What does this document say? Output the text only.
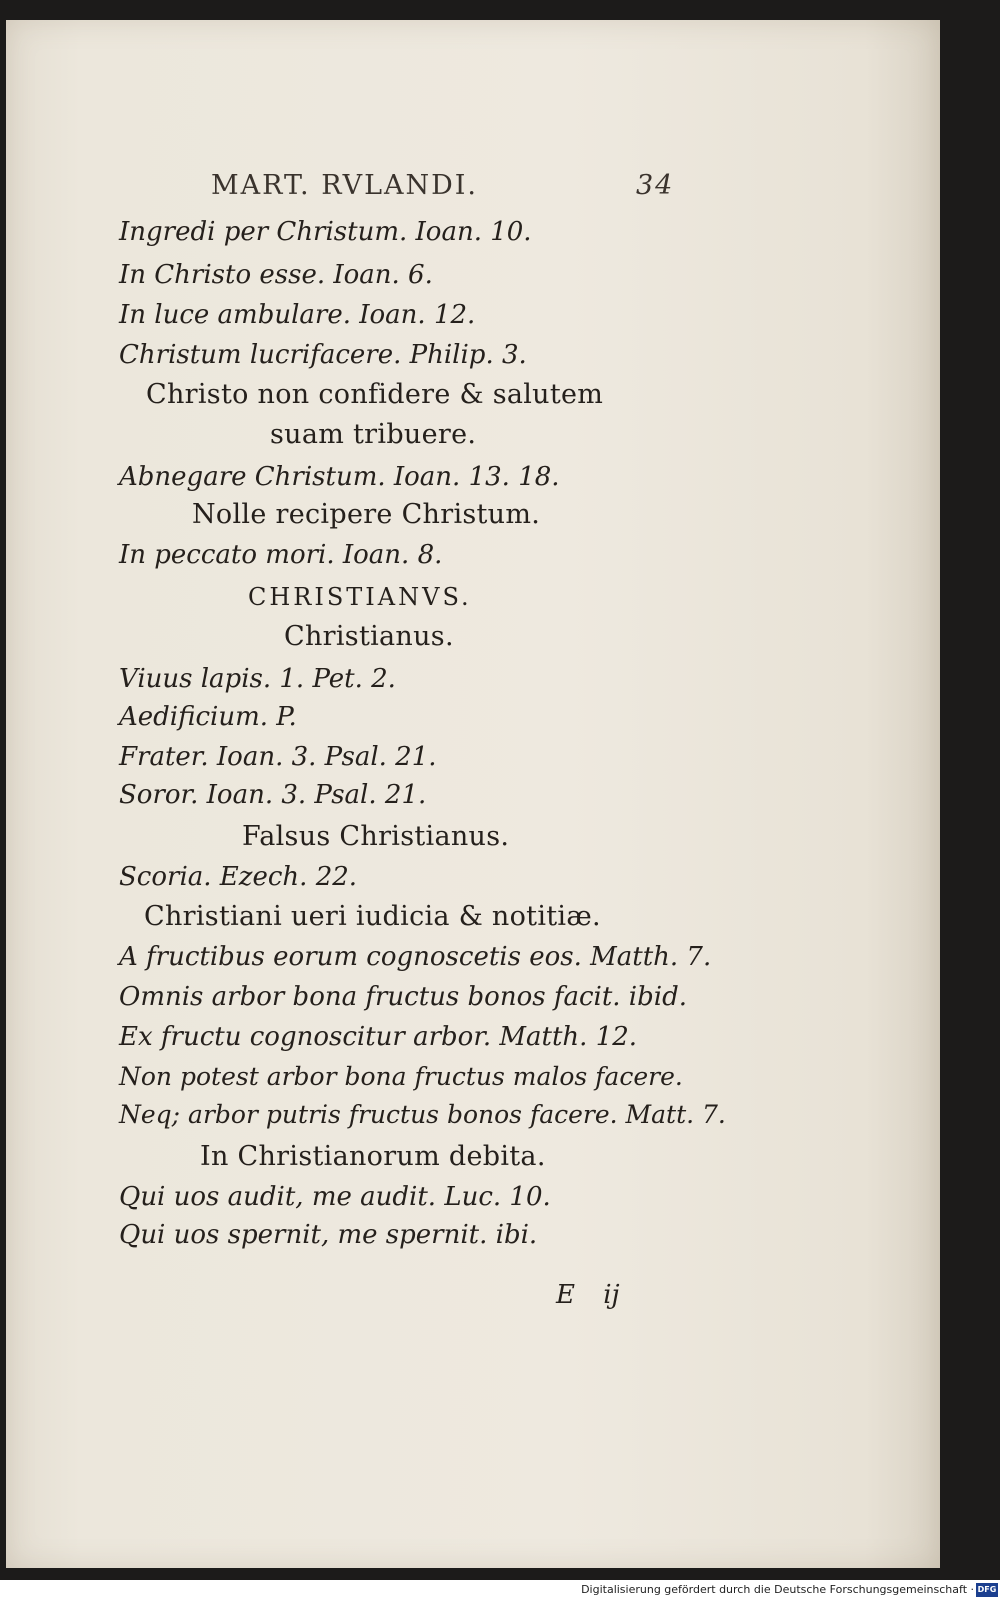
MART. RVLANDI.	34
Ingredi per Christum. Ioan. 10.
In Christo esse. Ioan. 6.
In luce ambulare. Ioan. 12.
Christum lucrifacere. Philip. 3.
Christo non confidere & salutem
suam tribuere.
Abnegare Christum. Ioan. 13. 18.
Nolle recipere Christum.
In peccato mori. Ioan. 8.
CHRISTIANVS.
Christianus.
Viuus lapis. 1. Pet. 2.
Aedificium. P.
Frater. Ioan. 3. Psal. 21.
Soror. Ioan. 3. Psal. 21.
Falsus Christianus.
Scoria. Ezech. 22.
Christiani ueri iudicia & notitiæ.
A fructibus eorum cognoscetis eos. Matth. 7.
Omnis arbor bona fructus bonos facit. ibid.
Ex fructu cognoscitur arbor. Matth. 12.
Non potest arbor bona fructus malos facere.
Neq; arbor putris fructus bonos facere. Matt. 7.
In Christianorum debita.
Qui uos audit, me audit. Luc. 10.
Qui uos spernit, me spernit. ibi.
E ij
Digitalisierung gefördert durch die Deutsche Forschungsgemeinschaft · DFG
